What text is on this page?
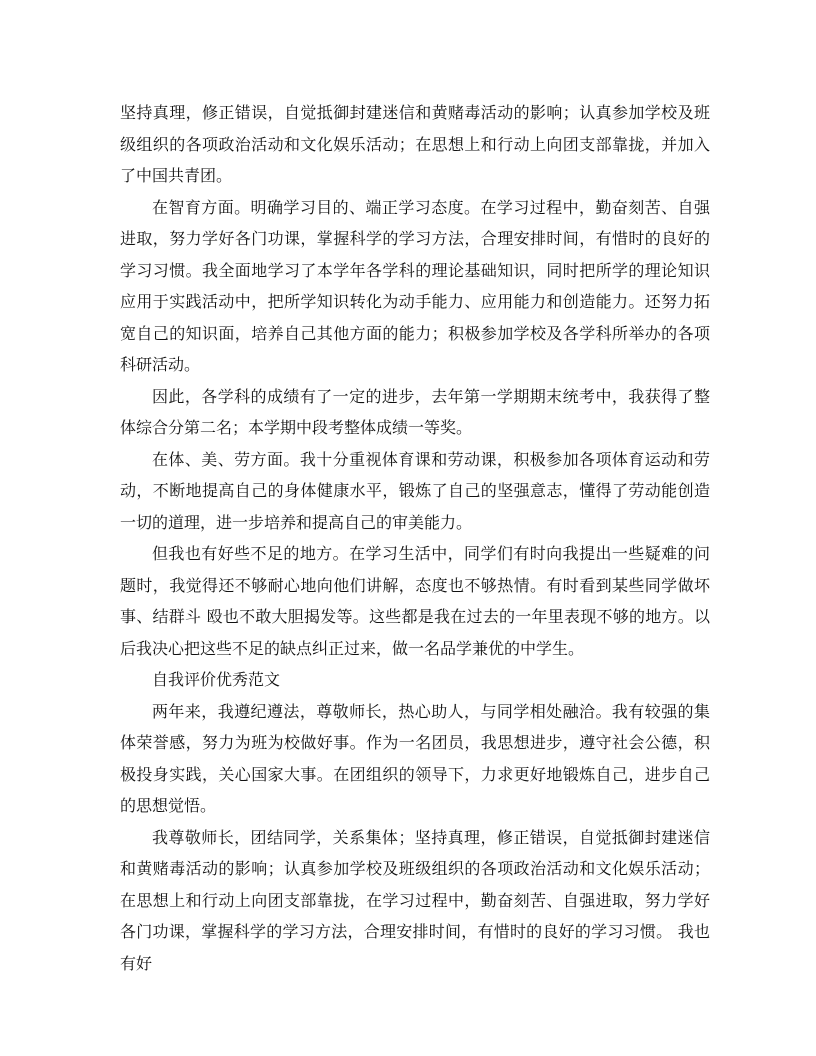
坚持真理，修正错误，自觉抵御封建迷信和黄赌毒活动的影响；认真参加学校及班级组织的各项政治活动和文化娱乐活动；在思想上和行动上向团支部靠拢，并加入了中国共青团。

在智育方面。明确学习目的、端正学习态度。在学习过程中，勤奋刻苦、自强进取，努力学好各门功课，掌握科学的学习方法，合理安排时间，有惜时的良好的学习习惯。我全面地学习了本学年各学科的理论基础知识，同时把所学的理论知识应用于实践活动中，把所学知识转化为动手能力、应用能力和创造能力。还努力拓宽自己的知识面，培养自己其他方面的能力；积极参加学校及各学科所举办的各项科研活动。

因此，各学科的成绩有了一定的进步，去年第一学期期末统考中，我获得了整体综合分第二名；本学期中段考整体成绩一等奖。

在体、美、劳方面。我十分重视体育课和劳动课，积极参加各项体育运动和劳动，不断地提高自己的身体健康水平，锻炼了自己的坚强意志，懂得了劳动能创造一切的道理，进一步培养和提高自己的审美能力。

但我也有好些不足的地方。在学习生活中，同学们有时向我提出一些疑难的问题时，我觉得还不够耐心地向他们讲解，态度也不够热情。有时看到某些同学做坏事、结群斗 殴也不敢大胆揭发等。这些都是我在过去的一年里表现不够的地方。以后我决心把这些不足的缺点纠正过来，做一名品学兼优的中学生。

自我评价优秀范文

两年来，我遵纪遵法，尊敬师长，热心助人，与同学相处融洽。我有较强的集体荣誉感，努力为班为校做好事。作为一名团员，我思想进步，遵守社会公德，积极投身实践，关心国家大事。在团组织的领导下，力求更好地锻炼自己，进步自己的思想觉悟。

我尊敬师长，团结同学，关系集体；坚持真理，修正错误，自觉抵御封建迷信和黄赌毒活动的影响；认真参加学校及班级组织的各项政治活动和文化娱乐活动；在思想上和行动上向团支部靠拢，在学习过程中，勤奋刻苦、自强进取，努力学好各门功课，掌握科学的学习方法，合理安排时间，有惜时的良好的学习习惯。 我也有好
